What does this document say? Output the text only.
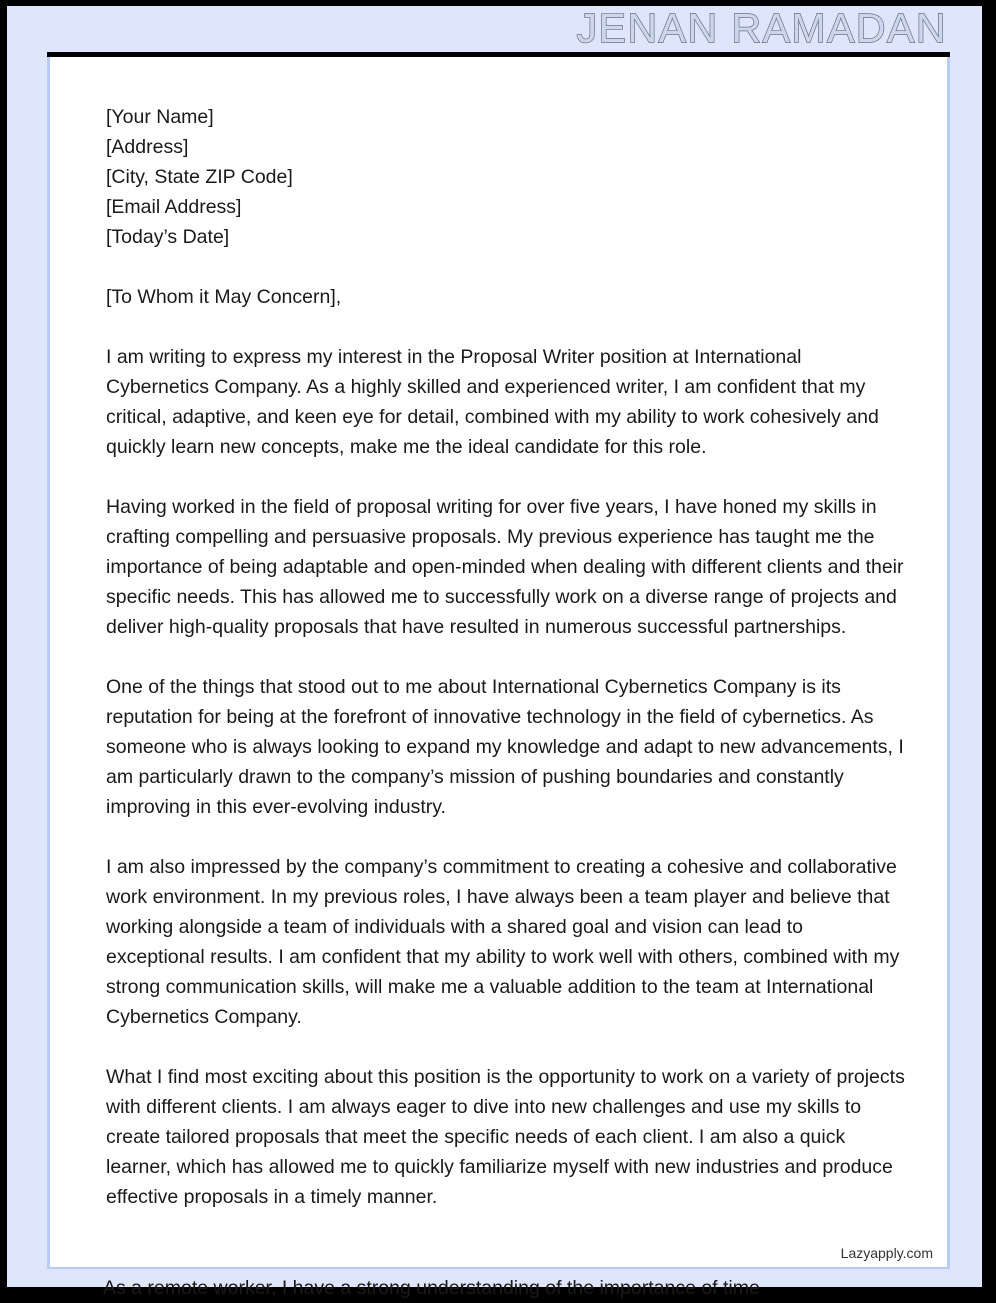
JENAN RAMADAN
[Your Name]
[Address]
[City, State ZIP Code]
[Email Address]
[Today’s Date]
[To Whom it May Concern],

I am writing to express my interest in the Proposal Writer position at International Cybernetics Company. As a highly skilled and experienced writer, I am confident that my critical, adaptive, and keen eye for detail, combined with my ability to work cohesively and quickly learn new concepts, make me the ideal candidate for this role.

Having worked in the field of proposal writing for over five years, I have honed my skills in crafting compelling and persuasive proposals. My previous experience has taught me the importance of being adaptable and open-minded when dealing with different clients and their specific needs. This has allowed me to successfully work on a diverse range of projects and deliver high-quality proposals that have resulted in numerous successful partnerships.

One of the things that stood out to me about International Cybernetics Company is its reputation for being at the forefront of innovative technology in the field of cybernetics. As someone who is always looking to expand my knowledge and adapt to new advancements, I am particularly drawn to the company’s mission of pushing boundaries and constantly improving in this ever-evolving industry.

I am also impressed by the company’s commitment to creating a cohesive and collaborative work environment. In my previous roles, I have always been a team player and believe that working alongside a team of individuals with a shared goal and vision can lead to exceptional results. I am confident that my ability to work well with others, combined with my strong communication skills, will make me a valuable addition to the team at International Cybernetics Company.

What I find most exciting about this position is the opportunity to work on a variety of projects with different clients. I am always eager to dive into new challenges and use my skills to create tailored proposals that meet the specific needs of each client. I am also a quick learner, which has allowed me to quickly familiarize myself with new industries and produce effective proposals in a timely manner.

Lazyapply.com
As a remote worker, I have a strong understanding of the importance of time
